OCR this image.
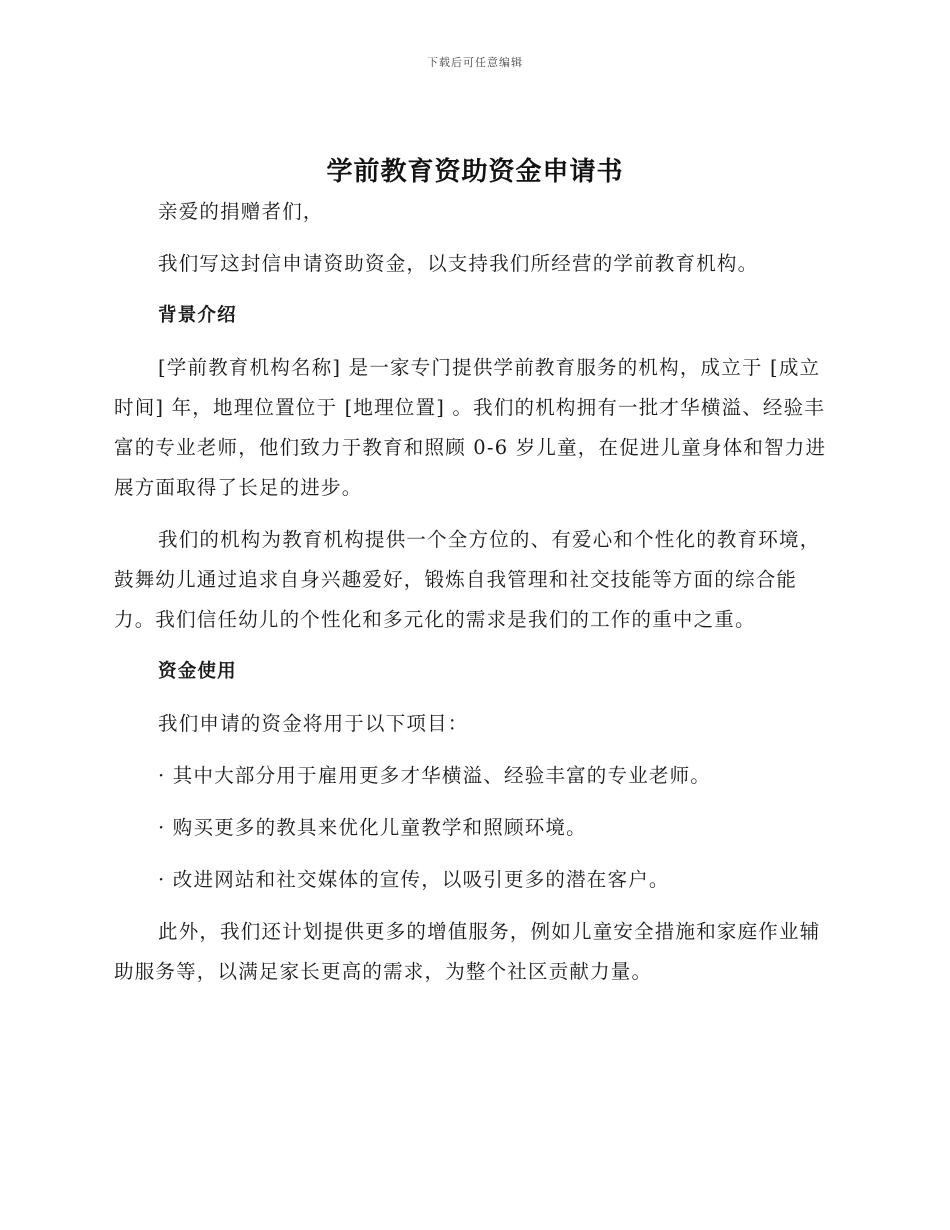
下载后可任意编辑
学前教育资助资金申请书

亲爱的捐赠者们，

我们写这封信申请资助资金，以支持我们所经营的学前教育机构。

背景介绍

[学前教育机构名称] 是一家专门提供学前教育服务的机构，成立于 [成立时间] 年，地理位置位于 [地理位置] 。我们的机构拥有一批才华横溢、经验丰富的专业老师，他们致力于教育和照顾 0-6 岁儿童，在促进儿童身体和智力进展方面取得了长足的进步。

我们的机构为教育机构提供一个全方位的、有爱心和个性化的教育环境，鼓舞幼儿通过追求自身兴趣爱好，锻炼自我管理和社交技能等方面的综合能力。我们信任幼儿的个性化和多元化的需求是我们的工作的重中之重。

资金使用

我们申请的资金将用于以下项目：

· 其中大部分用于雇用更多才华横溢、经验丰富的专业老师。

· 购买更多的教具来优化儿童教学和照顾环境。

· 改进网站和社交媒体的宣传，以吸引更多的潜在客户。

此外，我们还计划提供更多的增值服务，例如儿童安全措施和家庭作业辅助服务等，以满足家长更高的需求，为整个社区贡献力量。
